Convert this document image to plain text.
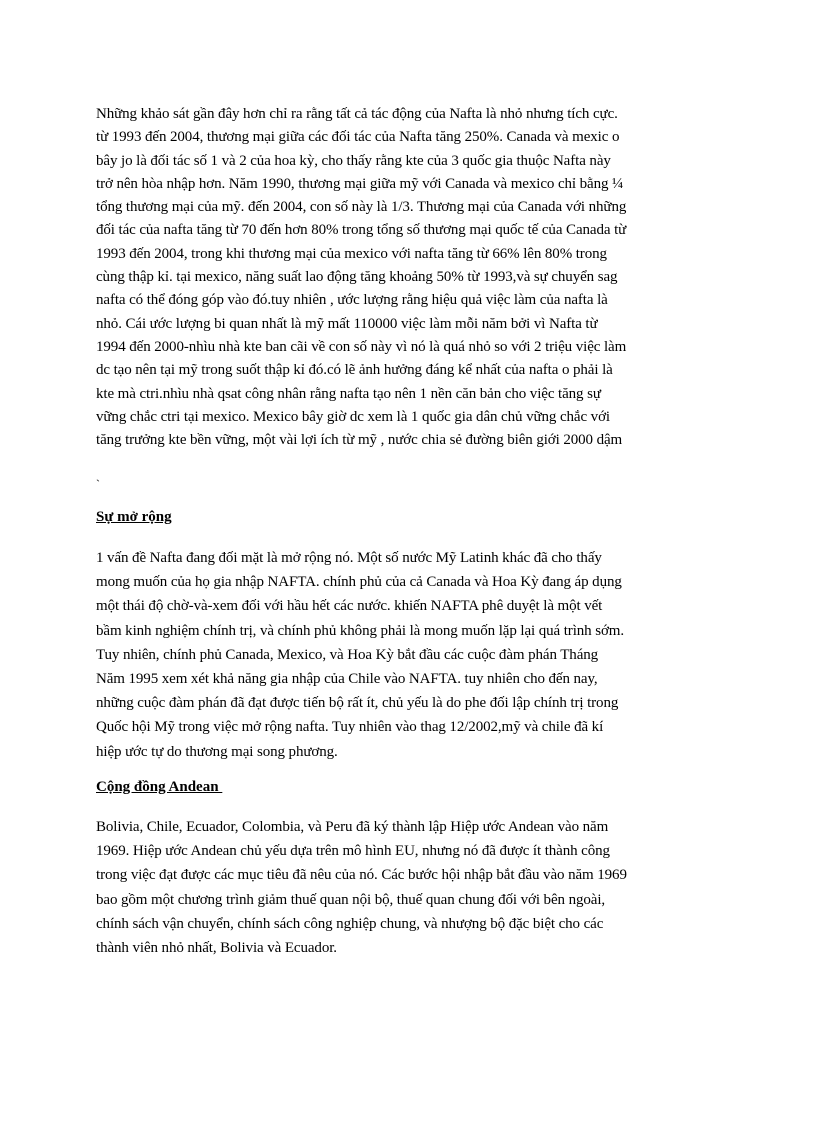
Những khảo sát gần đây hơn chỉ ra rằng tất cả tác động của Nafta là nhỏ nhưng tích cực.
từ 1993 đến 2004, thương mại giữa các đối tác của Nafta tăng 250%. Canada và mexic o
bây jo là đối tác số 1 và 2 của hoa kỳ, cho thấy rằng kte của 3 quốc gia thuộc Nafta này
trở nên hòa nhập hơn. Năm 1990, thương mại giữa mỹ với Canada và mexico chỉ bằng ¼
tổng thương mại của mỹ. đến 2004, con số này là 1/3. Thương mại của Canada với những
đối tác của nafta tăng từ 70 đến hơn 80% trong tổng số thương mại quốc tế của Canada từ
1993 đến 2004, trong khi thương mại của mexico với nafta tăng từ 66% lên 80% trong
cùng thập kỉ. tại mexico, năng suất lao động tăng khoảng 50% từ 1993,và sự chuyển sag
nafta có thể đóng góp vào đó.tuy nhiên , ước lượng rằng hiệu quả việc làm của nafta là
nhỏ. Cái ước lượng bi quan nhất là mỹ mất 110000 việc làm mỗi năm bởi vì Nafta từ
1994 đến 2000-nhìu nhà kte ban cãi về con số này vì nó là quá nhỏ so với 2 triệu việc làm
dc tạo nên tại mỹ trong suốt thập kỉ đó.có lẽ ảnh hưởng đáng kể nhất của nafta o phải là
kte mà ctri.nhìu nhà qsat công nhân rằng nafta tạo nên 1 nền căn bản cho việc tăng sự
vững chắc ctri tại mexico. Mexico bây giờ dc xem là 1 quốc gia dân chủ vững chắc với
tăng trưởng kte bền vững, một vài lợi ích từ mỹ , nước chia sẻ đường biên giới 2000 dậm
`
Sự mở rộng
1 vấn đề Nafta đang đối mặt là mở rộng nó. Một số nước Mỹ Latinh khác đã cho thấy
mong muốn của họ gia nhập NAFTA. chính phủ của cả Canada và Hoa Kỳ đang áp dụng
một thái độ chờ-và-xem đối với hầu hết các nước. khiến NAFTA phê duyệt là một vết
bầm kinh nghiệm chính trị, và chính phủ không phải là mong muốn lặp lại quá trình sớm.
Tuy nhiên, chính phủ Canada, Mexico, và Hoa Kỳ bắt đầu các cuộc đàm phán Tháng
Năm 1995 xem xét khả năng gia nhập của Chile vào NAFTA. tuy nhiên cho đến nay,
những cuộc đàm phán đã đạt được tiến bộ rất ít, chủ yếu là do phe đối lập chính trị trong
Quốc hội Mỹ trong việc mở rộng nafta. Tuy nhiên vào thag 12/2002,mỹ và chile đã kí
hiệp ước tự do thương mại song phương.
Cộng đồng Andean
Bolivia, Chile, Ecuador, Colombia, và Peru đã ký thành lập Hiệp ước Andean vào năm
1969. Hiệp ước Andean chủ yếu dựa trên mô hình EU, nhưng nó đã được ít thành công
trong việc đạt được các mục tiêu đã nêu của nó. Các bước hội nhập bắt đầu vào năm 1969
bao gồm một chương trình giảm thuế quan nội bộ, thuế quan chung đối với bên ngoài,
chính sách vận chuyển, chính sách công nghiệp chung, và nhượng bộ đặc biệt cho các
thành viên nhỏ nhất, Bolivia và Ecuador.
